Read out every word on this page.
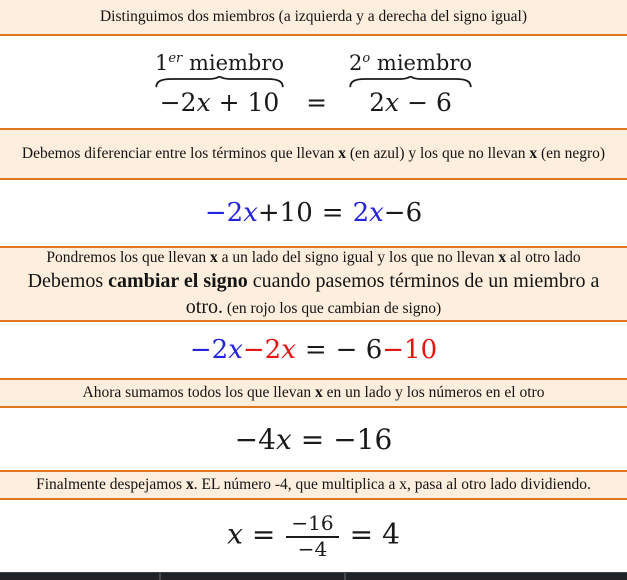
Distinguimos dos miembros (a izquierda y a derecha del signo igual)

1er miembro
−2x + 10 =
$2^o$ miembro
2x − 6

Debemos diferenciar entre los términos que llevan x (en azul) y los que no llevan x (en negro)

−2x+10 = 2x−6

Pondremos los que llevan x a un lado del signo igual y los que no llevan x al otro lado

Debemos cambiar el signo cuando pasemos términos de un miembro a otro. (en rojo los que cambian de signo)

−2x−2x = − 6−10

Ahora sumamos todos los que llevan x en un lado y los números en el otro

−4x = −16

Finalmente despejamos x. EL número -4, que multiplica a x, pasa al otro lado dividiendo.

$x = \frac{-16}{-4} = 4$
